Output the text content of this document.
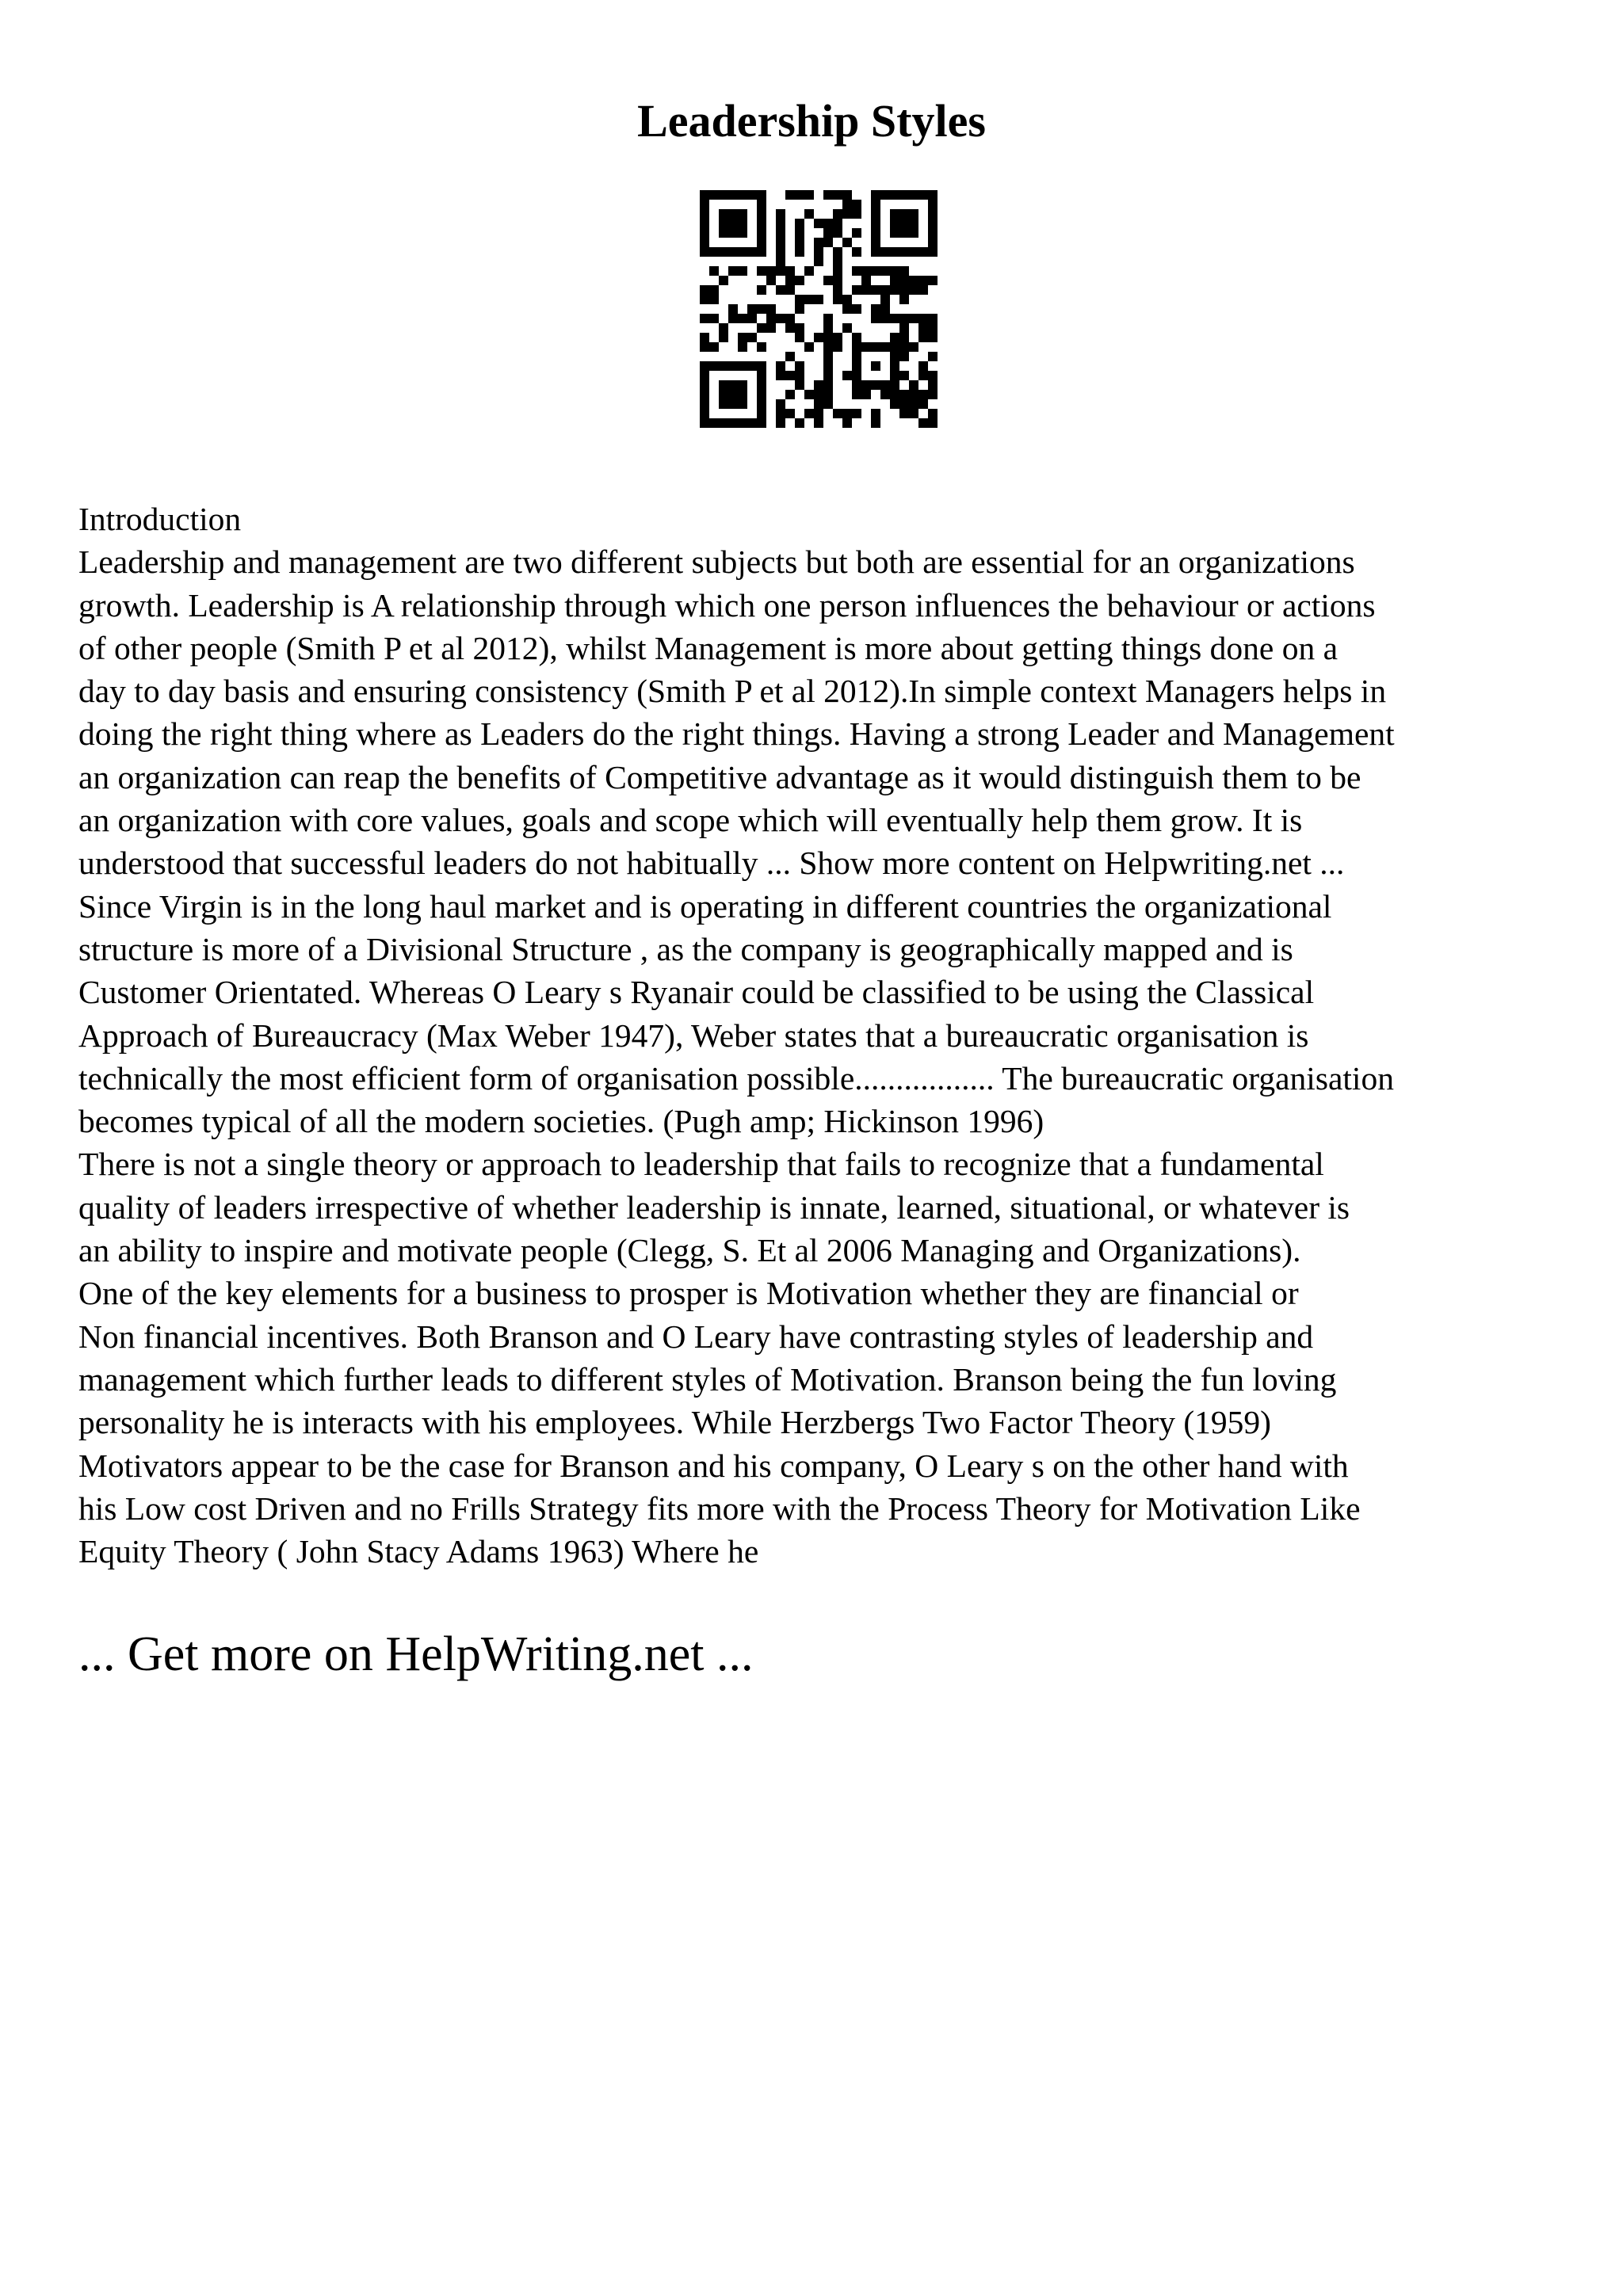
Leadership Styles
Introduction
Leadership and management are two different subjects but both are essential for an organizations
growth. Leadership is A relationship through which one person influences the behaviour or actions
of other people (Smith P et al 2012), whilst Management is more about getting things done on a
day to day basis and ensuring consistency (Smith P et al 2012).In simple context Managers helps in
doing the right thing where as Leaders do the right things. Having a strong Leader and Management
an organization can reap the benefits of Competitive advantage as it would distinguish them to be
an organization with core values, goals and scope which will eventually help them grow. It is
understood that successful leaders do not habitually ... Show more content on Helpwriting.net ...
Since Virgin is in the long haul market and is operating in different countries the organizational
structure is more of a Divisional Structure , as the company is geographically mapped and is
Customer Orientated. Whereas O Leary s Ryanair could be classified to be using the Classical
Approach of Bureaucracy (Max Weber 1947), Weber states that a bureaucratic organisation is
technically the most efficient form of organisation possible................. The bureaucratic organisation
becomes typical of all the modern societies. (Pugh amp; Hickinson 1996)
There is not a single theory or approach to leadership that fails to recognize that a fundamental
quality of leaders irrespective of whether leadership is innate, learned, situational, or whatever is
an ability to inspire and motivate people (Clegg, S. Et al 2006 Managing and Organizations).
One of the key elements for a business to prosper is Motivation whether they are financial or
Non financial incentives. Both Branson and O Leary have contrasting styles of leadership and
management which further leads to different styles of Motivation. Branson being the fun loving
personality he is interacts with his employees. While Herzbergs Two Factor Theory (1959)
Motivators appear to be the case for Branson and his company, O Leary s on the other hand with
his Low cost Driven and no Frills Strategy fits more with the Process Theory for Motivation Like
Equity Theory ( John Stacy Adams 1963) Where he
... Get more on HelpWriting.net ...
